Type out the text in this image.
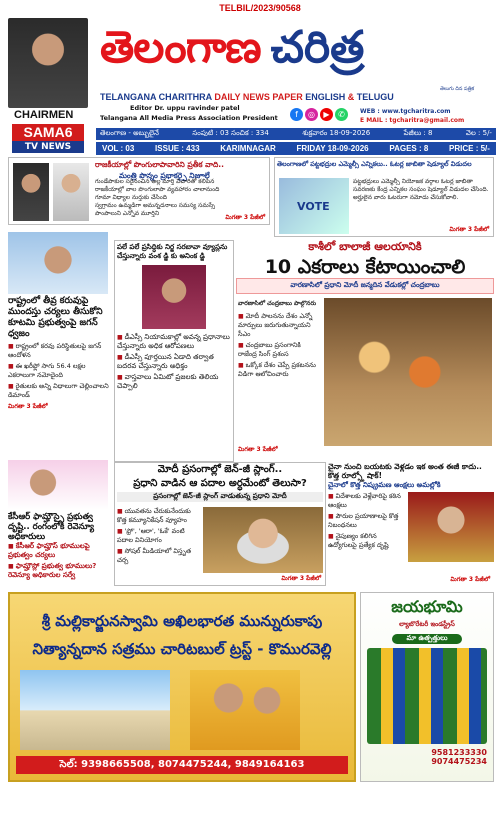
TELBIL/2023/90568
CHAIRMEN
SAMA6
TV NEWS
తెలంగాణ చరిత్ర
తెలుగు దిన పత్రిక
TELANGANA CHARITHRA DAILY NEWS PAPER ENGLISH & TELUGU
Editor Dr. uppu ravinder patel
Telangana All Media Press Association President	f	◎	▶	✆	WEB : www.tgcharitra.com
E MAIL : tgcharitra@gmail.com
తెలంగాణ - అబ్బులైనే	సంపుటి : 03 సంచిక : 334	శుక్రవారం 18-09-2026	పేజీలు : 8	వెల : 5/-
VOL : 03	ISSUE : 433	KARIMNAGAR	FRIDAY 18-09-2026	PAGES : 8	PRICE : 5/-
రాజకీయాల్లో పొంగులాపావారిని ప్రతీక వాది..
మంత్రి పొన్నం ప్రభాకర్పై నిజూలే
గుండేపాకుల సరైనంచిన అల్ల మార్తి విచారితో కలిపిన
రాజకీయాల్లో వాల పొంగులాపా వ్యవహారం చాలానుంది
గూమా విధ్యాల నుర్తుకు చేసింది
స్వగ్రామం ఉమ్మడిగా అమన్నదనాలు సమస్య సమస్సే
పాంపాలుని ఎన్నోవ మూర్తిని
మిగతా 3 పేజీలో
తెలంగాణలో పట్టభద్రుల ఎమ్మెల్సీ ఎన్నికలు.. ఓటర్ల జాబితా షెడ్యూల్ విడుదల
VOTE
పట్టభద్రులు ఎమ్మెల్సీ నియోజక వర్గాల ఓటర్ల జాబితా సవరణకు కేంద్ర ఎన్నికల సంఘం షెడ్యూల్ విడుదల చేసింది. అర్హులైన వారు ఓటరుగా నమోదు చేసుకోవాలి.
మిగతా 3 పేజీలో
కాశీలో బాలాజీ ఆలయానికి
10 ఎకరాలు కేటాయించాలి
వారణాసిలో ప్రధాని మోదీ జన్మదిన వేడుకల్లో చంద్రబాబు
వారణాసిలో చంద్రబాబు పాల్గొనరు
■ మోదీ పాలనను దేశం ఎన్నో మార్పులు జరుగుతున్నాయని సీఎం
■ చంద్రబాబు ప్రసంగానికి రాజేంద్ర సింగ్ ప్రశంస
■ ఒక్కోక దేశం చెప్పే ప్రకటనను విడిగా ఆలోచించారు
మిగతా 3 పేజీలో
పలే పలే ప్రసిద్ధికు నిర్జ సరబావా వ్యూస్లను చేస్తున్నారు వంశ డ్జి కు అనింక డ్జి
■ డీఎస్సీ నియామకాల్లో అవన్న ప్రధానాలు చేస్తున్నారు అధిక ఆరోపణలు
■ డీఎస్సీ పూర్తయిన ఏడాది తర్వాత బదరవ చేస్తున్నారు అధిక్తం
■ వాస్తవాలు ఏమిటో ప్రజలకు తెలియ చెప్పాలి
రాష్ట్రంలో తీవ్ర కరువుపై ముందస్తు చర్యలు తీసుకోని కూటమి ప్రభుత్వంపై జగన్ ధ్వజం
■ రాష్ట్రంలో కరవు పరిస్థితులపై జగన్ ఆందోళన
■ ఈ ఖరీఫ్లో సాగు 56.4 లక్షల ఎకరాలుగా నమోదైంది
■ రైతులకు అన్ని విధాలుగా చెల్లించాలని డిమాండ్
మిగతా 3 పేజీలో
కేసీఆర్ ఫామ్హౌస్పై ప్రభుత్వ దృష్టి.. రంగంలోకి రెవెన్యూ అధికారులు
■ కేసీఆర్ ఫామ్హౌస్ భూములపై ప్రభుత్వం చర్యలు
■ ఫామ్హౌస్లో ప్రభుత్వ భూములు? రెవెన్యూ అధికారుల సర్వే
మోదీ ప్రసంగాల్లో జెన్-జీ స్లాంగ్..
ప్రధాని వాడిన ఆ పదాల అర్ధమేంటో తెలుసా?
ప్రసంగాల్లో జెన్-జీ స్లాంగ్ వాడుతున్న ప్రధాని మోదీ
■ యువతను చేరుకునేందుకు కొత్త కమ్యూనికేషన్ వ్యూహం
■ 'ఫ్రో', 'ఆరా', 'ఓకే' వంటి పదాల వినియోగం
■ సోషల్ మీడియాలో విస్తృత చర్చ
మిగతా 3 పేజీలో
చైనా నుంచి బయటకు వెళ్లడం ఇక అంత ఈజీ కాదు.. కొత్త రూల్స్తో షాక్!
చైనాలో కొత్త నిష్క్రమణ ఆంక్షలు అమల్లోకి
■ విదేశాలకు వెళ్లేవారిపై కఠిన ఆంక్షలు
■ పౌరుల ప్రయాణాలపై కొత్త నిబంధనలు
■ నైపుణ్యం కలిగిన ఉద్యోగులపై ప్రత్యేక దృష్టి
మిగతా 3 పేజీలో
శ్రీ మల్లికార్జునస్వామి అఖిలభారత మున్నురుకాపు
నిత్యాన్నదాన సత్రము చారిటబుల్ ట్రస్ట్ - కొమురవెల్లి
సెల్: 9398665508, 8074475244, 9849164163
జయభూమి
ల్యాబొరేటరీ ఇండస్ట్రీస్
మా ఉత్పత్తులు
9581233330
9074475234
